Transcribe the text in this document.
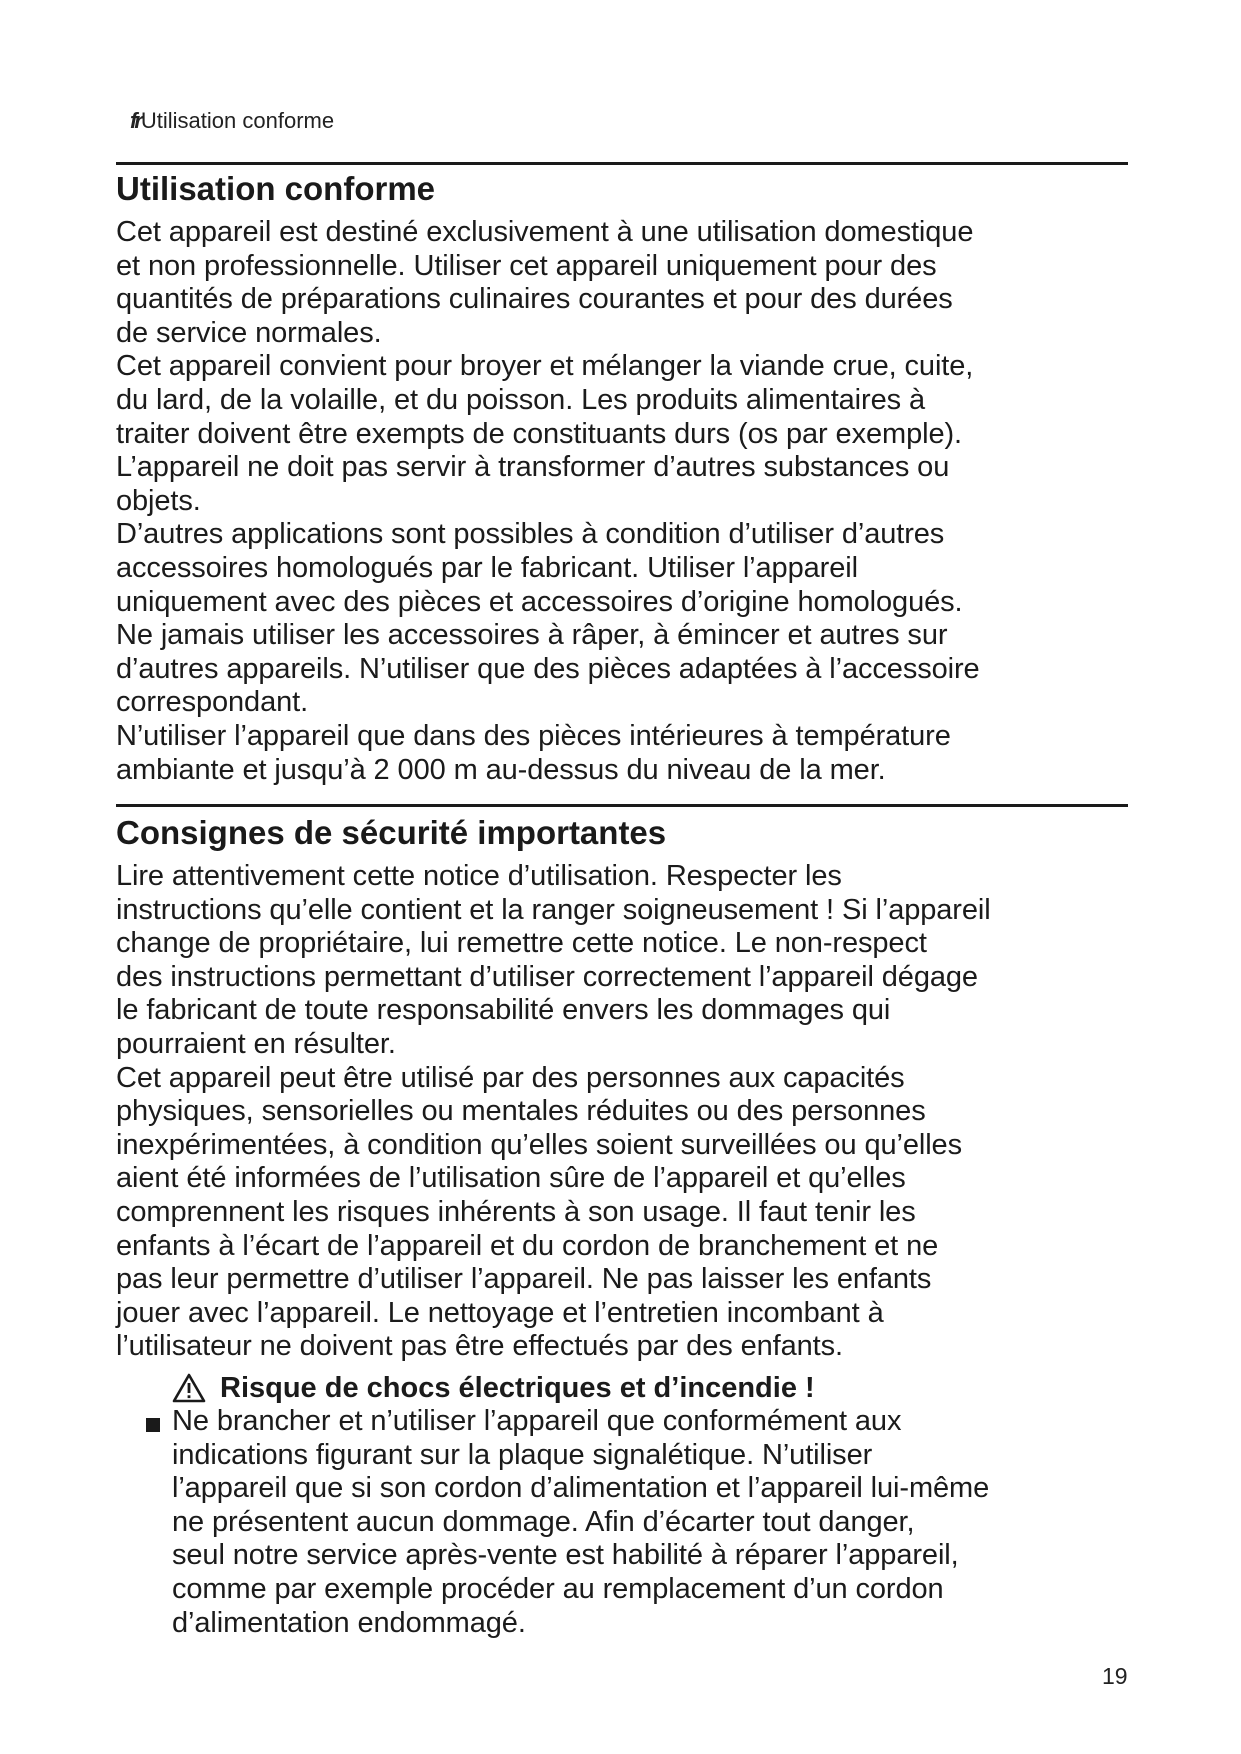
frUtilisation conforme
Utilisation conforme

Cet appareil est destiné exclusivement à une utilisation domestique
et non professionnelle. Utiliser cet appareil uniquement pour des
quantités de préparations culinaires courantes et pour des durées
de service normales.

Cet appareil convient pour broyer et mélanger la viande crue, cuite,
du lard, de la volaille, et du poisson. Les produits alimentaires à
traiter doivent être exempts de constituants durs (os par exemple).
L’appareil ne doit pas servir à transformer d’autres substances ou
objets.

D’autres applications sont possibles à condition d’utiliser d’autres
accessoires homologués par le fabricant. Utiliser l’appareil
uniquement avec des pièces et accessoires d’origine homologués.
Ne jamais utiliser les accessoires à râper, à émincer et autres sur
d’autres appareils. N’utiliser que des pièces adaptées à l’accessoire
correspondant.

N’utiliser l’appareil que dans des pièces intérieures à température
ambiante et jusqu’à 2 000 m au-dessus du niveau de la mer.

Consignes de sécurité importantes

Lire attentivement cette notice d’utilisation. Respecter les
instructions qu’elle contient et la ranger soigneusement ! Si l’appareil
change de propriétaire, lui remettre cette notice. Le non-respect
des instructions permettant d’utiliser correctement l’appareil dégage
le fabricant de toute responsabilité envers les dommages qui
pourraient en résulter.

Cet appareil peut être utilisé par des personnes aux capacités
physiques, sensorielles ou mentales réduites ou des personnes
inexpérimentées, à condition qu’elles soient surveillées ou qu’elles
aient été informées de l’utilisation sûre de l’appareil et qu’elles
comprennent les risques inhérents à son usage. Il faut tenir les
enfants à l’écart de l’appareil et du cordon de branchement et ne
pas leur permettre d’utiliser l’appareil. Ne pas laisser les enfants
jouer avec l’appareil. Le nettoyage et l’entretien incombant à
l’utilisateur ne doivent pas être effectués par des enfants.

Risque de chocs électriques et d’incendie !

Ne brancher et n’utiliser l’appareil que conformément aux
indications figurant sur la plaque signalétique. N’utiliser
l’appareil que si son cordon d’alimentation et l’appareil lui-même
ne présentent aucun dommage. Afin d’écarter tout danger,
seul notre service après-vente est habilité à réparer l’appareil,
comme par exemple procéder au remplacement d’un cordon
d’alimentation endommagé.

19
